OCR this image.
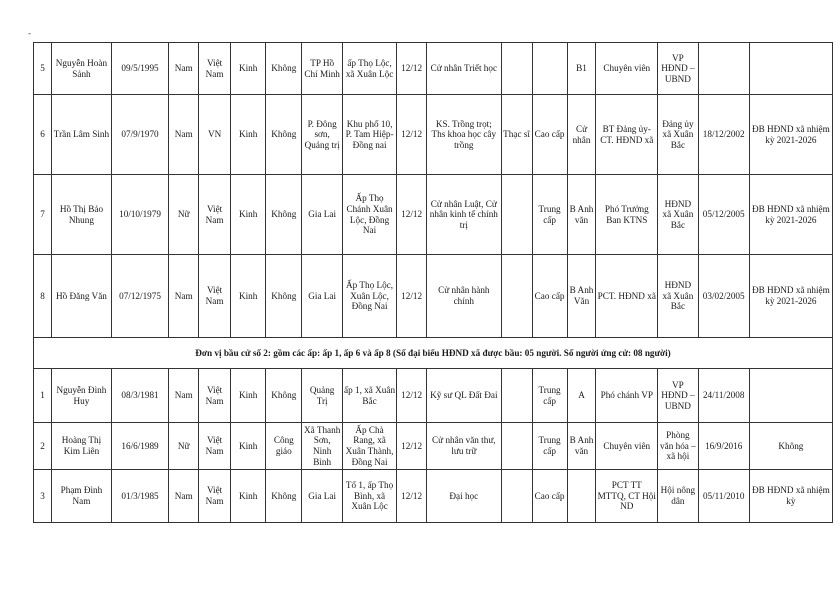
-
5	Nguyễn Hoàn Sảnh	09/5/1995	Nam	Việt Nam	Kinh	Không	TP Hồ Chí Minh	ấp Thọ Lộc, xã Xuân Lộc	12/12	Cử nhân Triết học			B1	Chuyên viên	VP HĐND – UBND		
6	Trần Lâm Sinh	07/9/1970	Nam	VN	Kinh	Không	P. Đông sơn, Quảng trị	Khu phố 10, P. Tam Hiệp- Đồng nai	12/12	KS. Trồng trọt; Ths khoa học cây trồng	Thạc sĩ	Cao cấp	Cử nhân	BT Đảng ủy- CT. HĐND xã	Đảng ủy xã Xuân Bắc	18/12/2002	ĐB HĐND xã nhiệm kỳ 2021-2026
7	Hồ Thị Bảo Nhung	10/10/1979	Nữ	Việt Nam	Kinh	Không	Gia Lai	Ấp Thọ Chánh Xuân Lộc, Đồng Nai	12/12	Cử nhân Luật, Cử nhân kinh tế chính trị		Trung cấp	B Anh văn	Phó Trưởng Ban KTNS	HĐND xã Xuân Bắc	05/12/2005	ĐB HĐND xã nhiệm kỳ 2021-2026
8	Hồ Đăng Văn	07/12/1975	Nam	Việt Nam	Kinh	Không	Gia Lai	Ấp Thọ Lộc, Xuân Lộc, Đồng Nai	12/12	Cử nhân hành chính		Cao cấp	B Anh Văn	PCT. HĐND xã	HĐND xã Xuân Bắc	03/02/2005	ĐB HĐND xã nhiệm kỳ 2021-2026
Đơn vị bầu cử số 2: gồm các ấp: ấp 1, ấp 6 và ấp 8 (Số đại biểu HĐND xã được bầu: 05 người. Số người ứng cử: 08 người)																	
1	Nguyễn Đình Huy	08/3/1981	Nam	Việt Nam	Kinh	Không	Quảng Trị	ấp 1, xã Xuân Bắc	12/12	Kỹ sư QL Đất Đai		Trung cấp	A	Phó chánh VP	VP HĐND – UBND	24/11/2008	
2	Hoàng Thị Kim Liên	16/6/1989	Nữ	Việt Nam	Kinh	Công giáo	Xã Thanh Sơn, Ninh Bình	Ấp Chà Rang, xã Xuân Thành, Đồng Nai	12/12	Cử nhân văn thư, lưu trữ		Trung cấp	B Anh văn	Chuyên viên	Phòng văn hóa – xã hội	16/9/2016	Không
3	Phạm Đình Nam	01/3/1985	Nam	Việt Nam	Kinh	Không	Gia Lai	Tổ 1, ấp Thọ Bình, xã Xuân Lộc	12/12	Đại học		Cao cấp		PCT TT MTTQ, CT Hội ND	Hội nông dân	05/11/2010	ĐB HĐND xã nhiệm kỳ
